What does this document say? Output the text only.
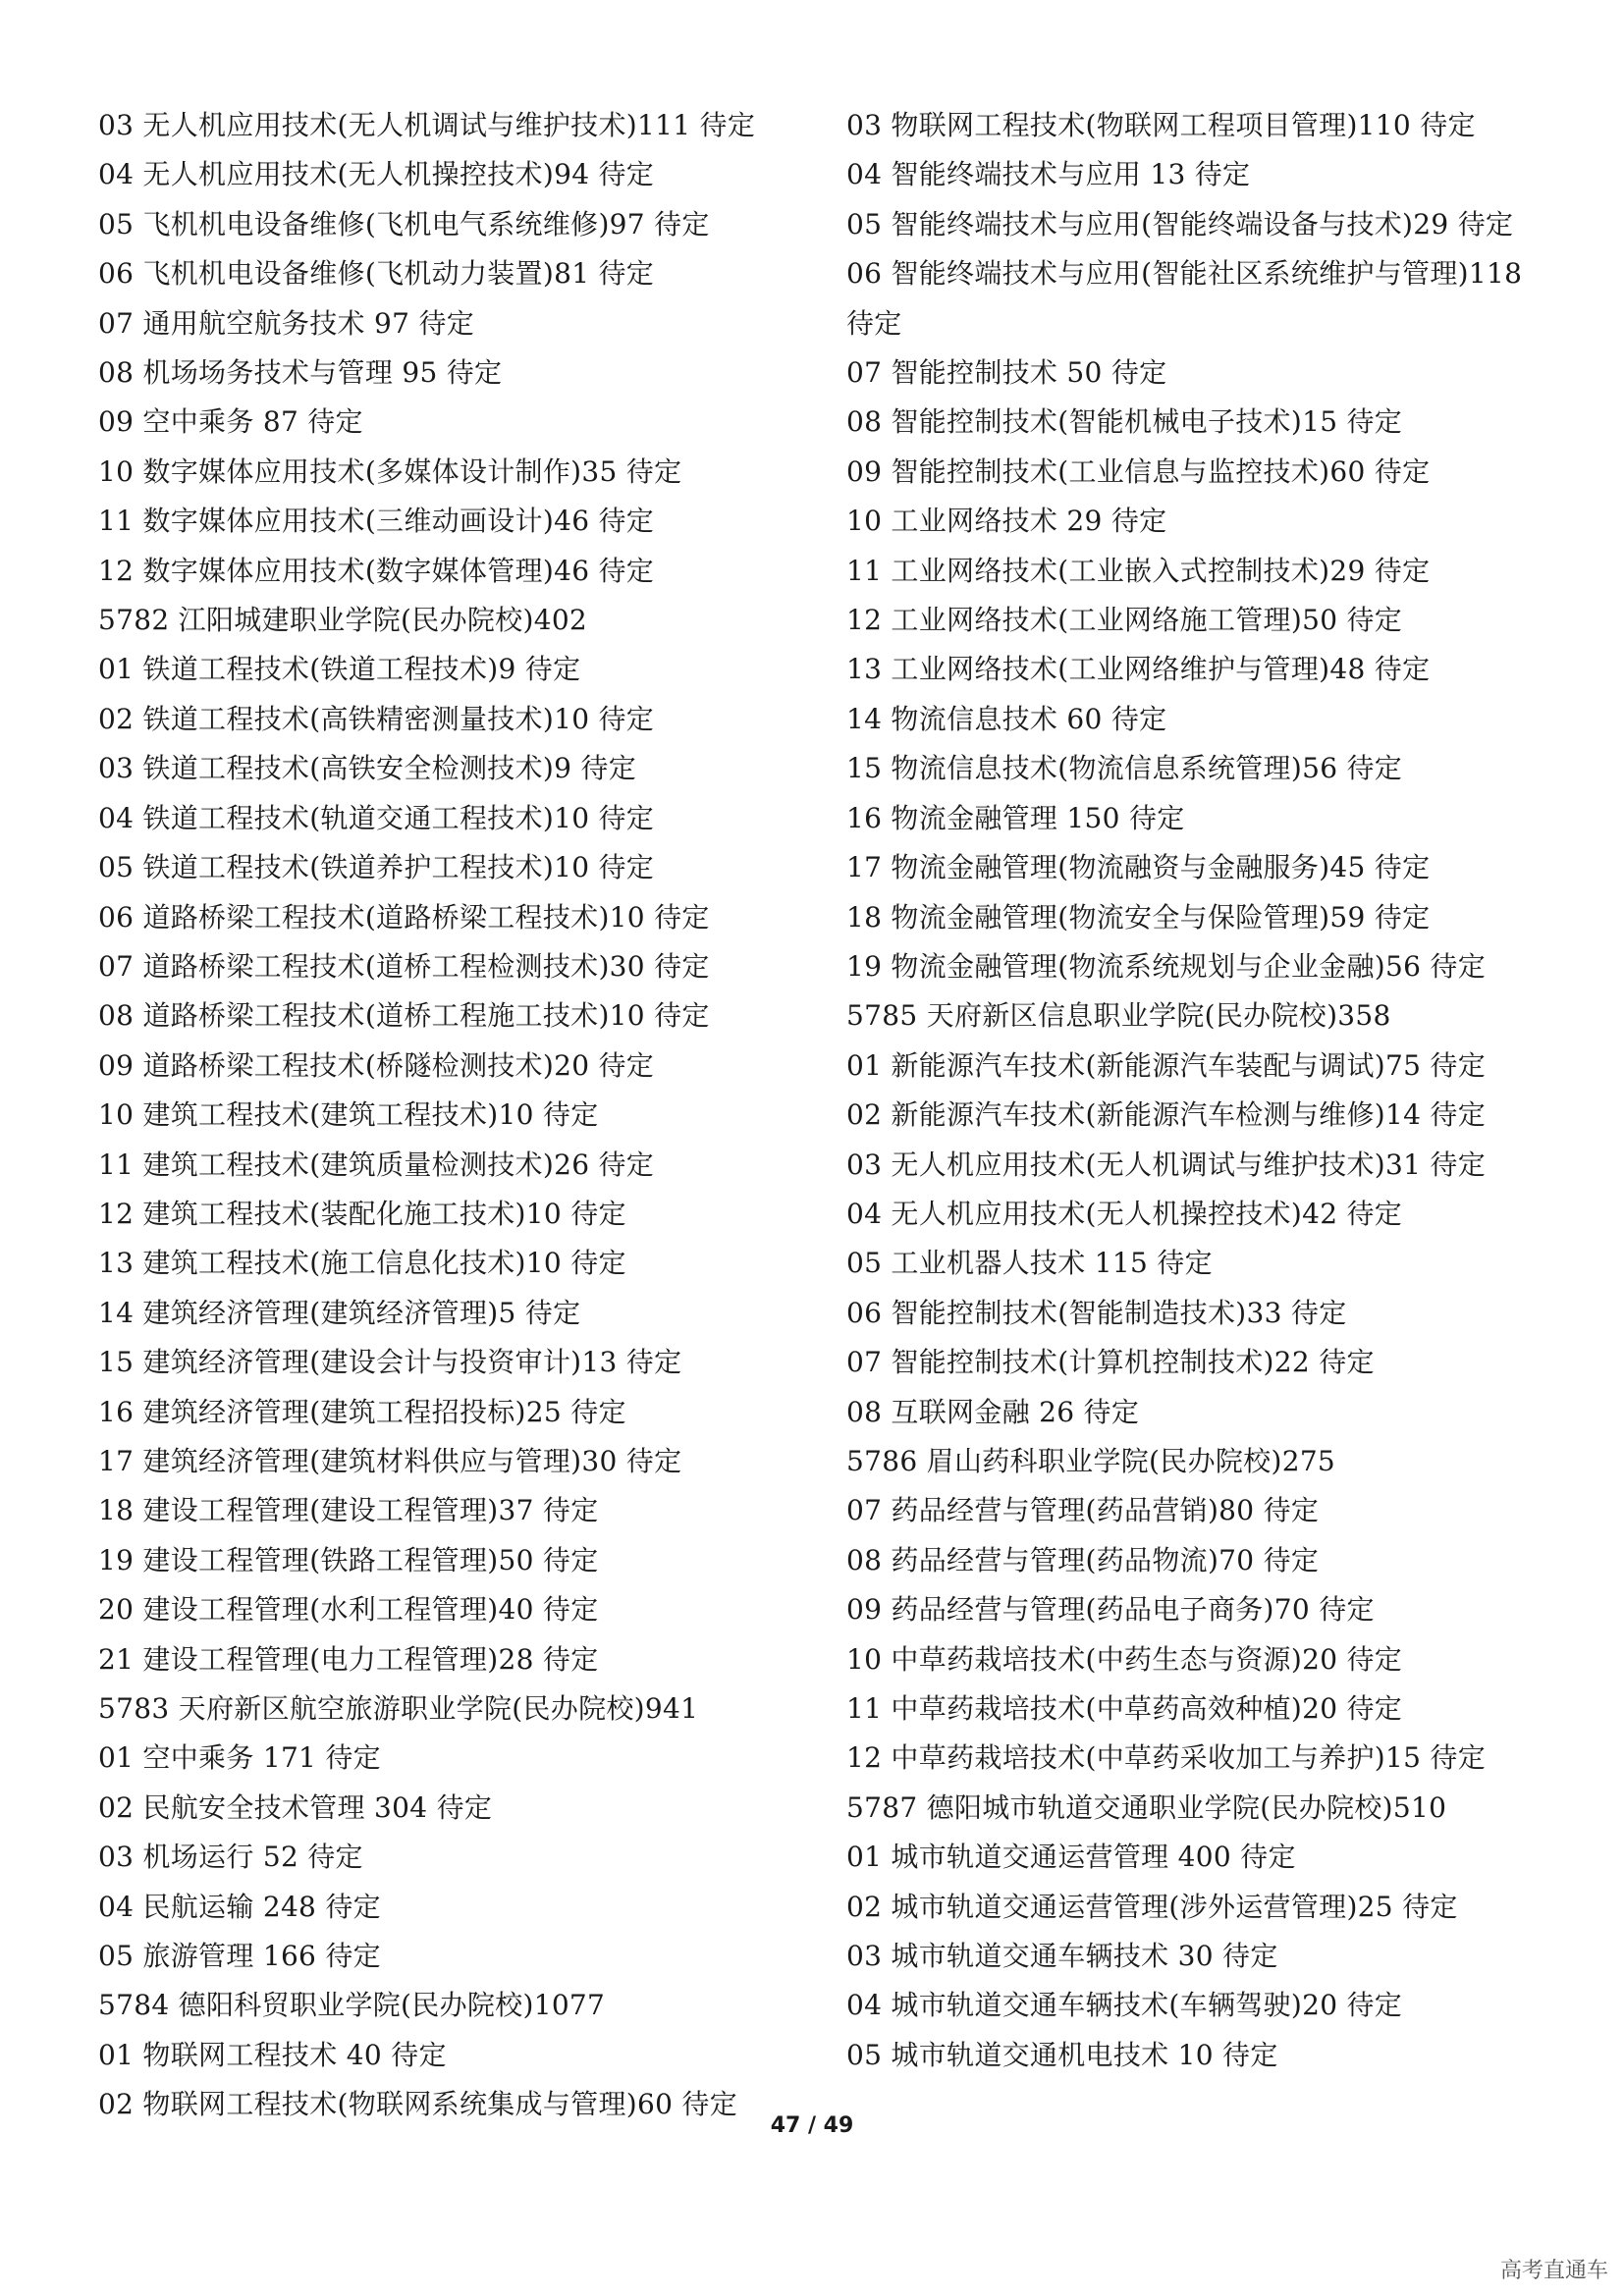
03 无人机应用技术(无人机调试与维护技术)111 待定
04 无人机应用技术(无人机操控技术)94 待定
05 飞机机电设备维修(飞机电气系统维修)97 待定
06 飞机机电设备维修(飞机动力装置)81 待定
07 通用航空航务技术 97 待定
08 机场场务技术与管理 95 待定
09 空中乘务 87 待定
10 数字媒体应用技术(多媒体设计制作)35 待定
11 数字媒体应用技术(三维动画设计)46 待定
12 数字媒体应用技术(数字媒体管理)46 待定
5782 江阳城建职业学院(民办院校)402
01 铁道工程技术(铁道工程技术)9 待定
02 铁道工程技术(高铁精密测量技术)10 待定
03 铁道工程技术(高铁安全检测技术)9 待定
04 铁道工程技术(轨道交通工程技术)10 待定
05 铁道工程技术(铁道养护工程技术)10 待定
06 道路桥梁工程技术(道路桥梁工程技术)10 待定
07 道路桥梁工程技术(道桥工程检测技术)30 待定
08 道路桥梁工程技术(道桥工程施工技术)10 待定
09 道路桥梁工程技术(桥隧检测技术)20 待定
10 建筑工程技术(建筑工程技术)10 待定
11 建筑工程技术(建筑质量检测技术)26 待定
12 建筑工程技术(装配化施工技术)10 待定
13 建筑工程技术(施工信息化技术)10 待定
14 建筑经济管理(建筑经济管理)5 待定
15 建筑经济管理(建设会计与投资审计)13 待定
16 建筑经济管理(建筑工程招投标)25 待定
17 建筑经济管理(建筑材料供应与管理)30 待定
18 建设工程管理(建设工程管理)37 待定
19 建设工程管理(铁路工程管理)50 待定
20 建设工程管理(水利工程管理)40 待定
21 建设工程管理(电力工程管理)28 待定
5783 天府新区航空旅游职业学院(民办院校)941
01 空中乘务 171 待定
02 民航安全技术管理 304 待定
03 机场运行 52 待定
04 民航运输 248 待定
05 旅游管理 166 待定
5784 德阳科贸职业学院(民办院校)1077
01 物联网工程技术 40 待定
02 物联网工程技术(物联网系统集成与管理)60 待定
03 物联网工程技术(物联网工程项目管理)110 待定
04 智能终端技术与应用 13 待定
05 智能终端技术与应用(智能终端设备与技术)29 待定
06 智能终端技术与应用(智能社区系统维护与管理)118 待定
07 智能控制技术 50 待定
08 智能控制技术(智能机械电子技术)15 待定
09 智能控制技术(工业信息与监控技术)60 待定
10 工业网络技术 29 待定
11 工业网络技术(工业嵌入式控制技术)29 待定
12 工业网络技术(工业网络施工管理)50 待定
13 工业网络技术(工业网络维护与管理)48 待定
14 物流信息技术 60 待定
15 物流信息技术(物流信息系统管理)56 待定
16 物流金融管理 150 待定
17 物流金融管理(物流融资与金融服务)45 待定
18 物流金融管理(物流安全与保险管理)59 待定
19 物流金融管理(物流系统规划与企业金融)56 待定
5785 天府新区信息职业学院(民办院校)358
01 新能源汽车技术(新能源汽车装配与调试)75 待定
02 新能源汽车技术(新能源汽车检测与维修)14 待定
03 无人机应用技术(无人机调试与维护技术)31 待定
04 无人机应用技术(无人机操控技术)42 待定
05 工业机器人技术 115 待定
06 智能控制技术(智能制造技术)33 待定
07 智能控制技术(计算机控制技术)22 待定
08 互联网金融 26 待定
5786 眉山药科职业学院(民办院校)275
07 药品经营与管理(药品营销)80 待定
08 药品经营与管理(药品物流)70 待定
09 药品经营与管理(药品电子商务)70 待定
10 中草药栽培技术(中药生态与资源)20 待定
11 中草药栽培技术(中草药高效种植)20 待定
12 中草药栽培技术(中草药采收加工与养护)15 待定
5787 德阳城市轨道交通职业学院(民办院校)510
01 城市轨道交通运营管理 400 待定
02 城市轨道交通运营管理(涉外运营管理)25 待定
03 城市轨道交通车辆技术 30 待定
04 城市轨道交通车辆技术(车辆驾驶)20 待定
05 城市轨道交通机电技术 10 待定
47 / 49
高考直通车
